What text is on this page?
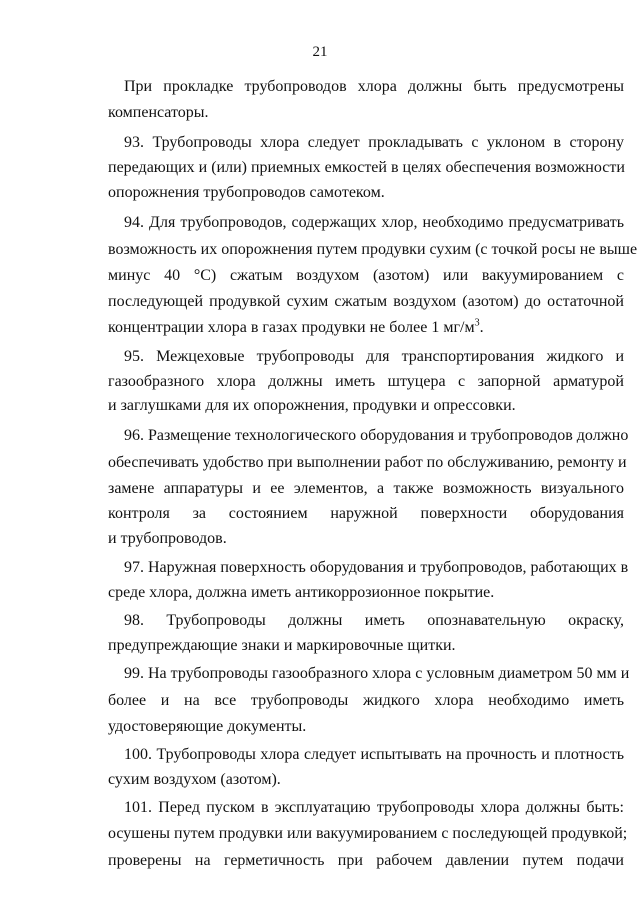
21
При прокладке трубопроводов хлора должны быть предусмотрены
компенсаторы.
93. Трубопроводы хлора следует прокладывать с уклоном в сторону
передающих и (или) приемных емкостей в целях обеспечения возможности
опорожнения трубопроводов самотеком.
94. Для трубопроводов, содержащих хлор, необходимо предусматривать
возможность их опорожнения путем продувки сухим (с точкой росы не выше
минус 40 °С) сжатым воздухом (азотом) или вакуумированием с
последующей продувкой сухим сжатым воздухом (азотом) до остаточной
концентрации хлора в газах продувки не более 1 $мг/м^3$.
95. Межцеховые трубопроводы для транспортирования жидкого и
газообразного хлора должны иметь штуцера с запорной арматурой
и заглушками для их опорожнения, продувки и опрессовки.
96. Размещение технологического оборудования и трубопроводов должно
обеспечивать удобство при выполнении работ по обслуживанию, ремонту и
замене аппаратуры и ее элементов, а также возможность визуального
контроля за состоянием наружной поверхности оборудования
и трубопроводов.
97. Наружная поверхность оборудования и трубопроводов, работающих в
среде хлора, должна иметь антикоррозионное покрытие.
98. Трубопроводы должны иметь опознавательную окраску,
предупреждающие знаки и маркировочные щитки.
99. На трубопроводы газообразного хлора с условным диаметром 50 мм и
более и на все трубопроводы жидкого хлора необходимо иметь
удостоверяющие документы.
100. Трубопроводы хлора следует испытывать на прочность и плотность
сухим воздухом (азотом).
101. Перед пуском в эксплуатацию трубопроводы хлора должны быть:
осушены путем продувки или вакуумированием с последующей продувкой;
проверены на герметичность при рабочем давлении путем подачи
